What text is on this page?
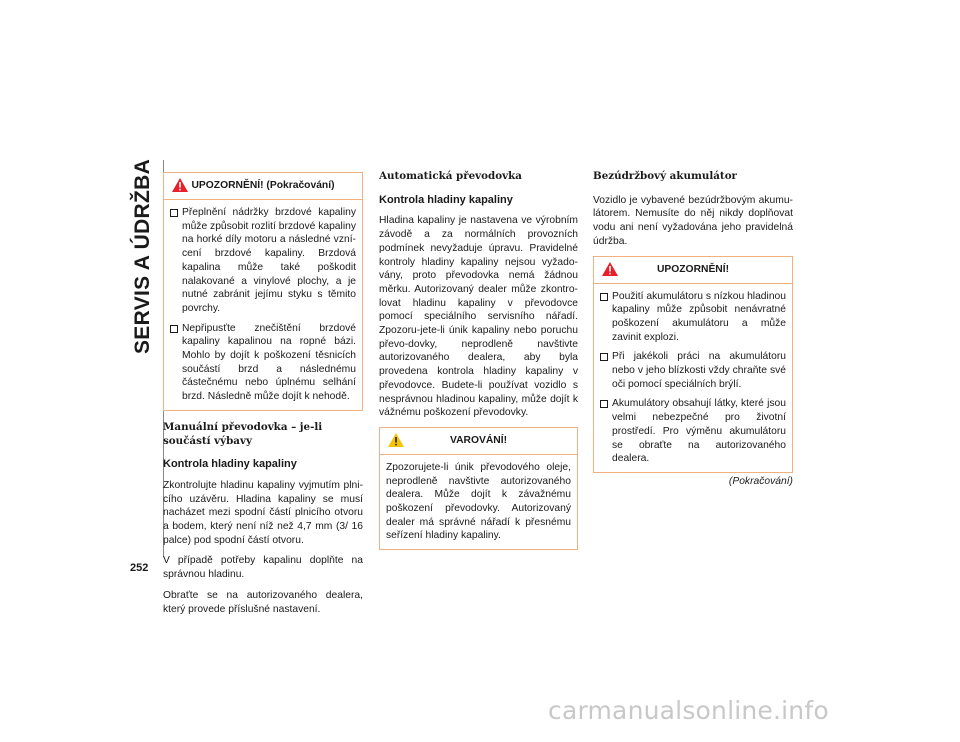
SERVIS A ÚDRŽBA
252
UPOZORNĚNÍ! (Pokračování)
Přeplnění nádržky brzdové kapaliny může způsobit rozlití brzdové kapaliny na horké díly motoru a následné vzní-cení brzdové kapaliny. Brzdová kapalina může také poškodit nalakované a vinylové plochy, a je nutné zabránit jejímu styku s těmito povrchy.
Nepřipusťte znečištění brzdové kapaliny kapalinou na ropné bázi. Mohlo by dojít k poškození těsnicích součástí brzd a následnému částečnému nebo úplnému selhání brzd. Následně může dojít k nehodě.
Manuální převodovka – je-li součástí výbavy
Kontrola hladiny kapaliny

Zkontrolujte hladinu kapaliny vyjmutím plni-cího uzávěru. Hladina kapaliny se musí nacházet mezi spodní částí plnicího otvoru a bodem, který není níž než 4,7 mm (3/ 16 palce) pod spodní částí otvoru.

V případě potřeby kapalinu doplňte na správnou hladinu.

Obraťte se na autorizovaného dealera, který provede příslušné nastavení.

Automatická převodovka
Kontrola hladiny kapaliny

Hladina kapaliny je nastavena ve výrobním závodě a za normálních provozních podmínek nevyžaduje úpravu. Pravidelné kontroly hladiny kapaliny nejsou vyžado-vány, proto převodovka nemá žádnou měrku. Autorizovaný dealer může zkontro-lovat hladinu kapaliny v převodovce pomocí speciálního servisního nářadí. Zpozoru-jete-li únik kapaliny nebo poruchu převo-dovky, neprodleně navštivte autorizovaného dealera, aby byla provedena kontrola hladiny kapaliny v převodovce. Budete-li používat vozidlo s nesprávnou hladinou kapaliny, může dojít k vážnému poškození převodovky.

VAROVÁNÍ!
Zpozorujete-li únik převodového oleje, neprodleně navštivte autorizovaného dealera. Může dojít k závažnému poškození převodovky. Autorizovaný dealer má správné nářadí k přesnému seřízení hladiny kapaliny.
Bezúdržbový akumulátor

Vozidlo je vybavené bezúdržbovým akumu-látorem. Nemusíte do něj nikdy doplňovat vodu ani není vyžadována jeho pravidelná údržba.

UPOZORNĚNÍ!
Použití akumulátoru s nízkou hladinou kapaliny může způsobit nenávratné poškození akumulátoru a může zavinit explozi.
Při jakékoli práci na akumulátoru nebo v jeho blízkosti vždy chraňte své oči pomocí speciálních brýlí.
Akumulátory obsahují látky, které jsou velmi nebezpečné pro životní prostředí. Pro výměnu akumulátoru se obraťte na autorizovaného dealera.
(Pokračování)
carmanualsonline.info
